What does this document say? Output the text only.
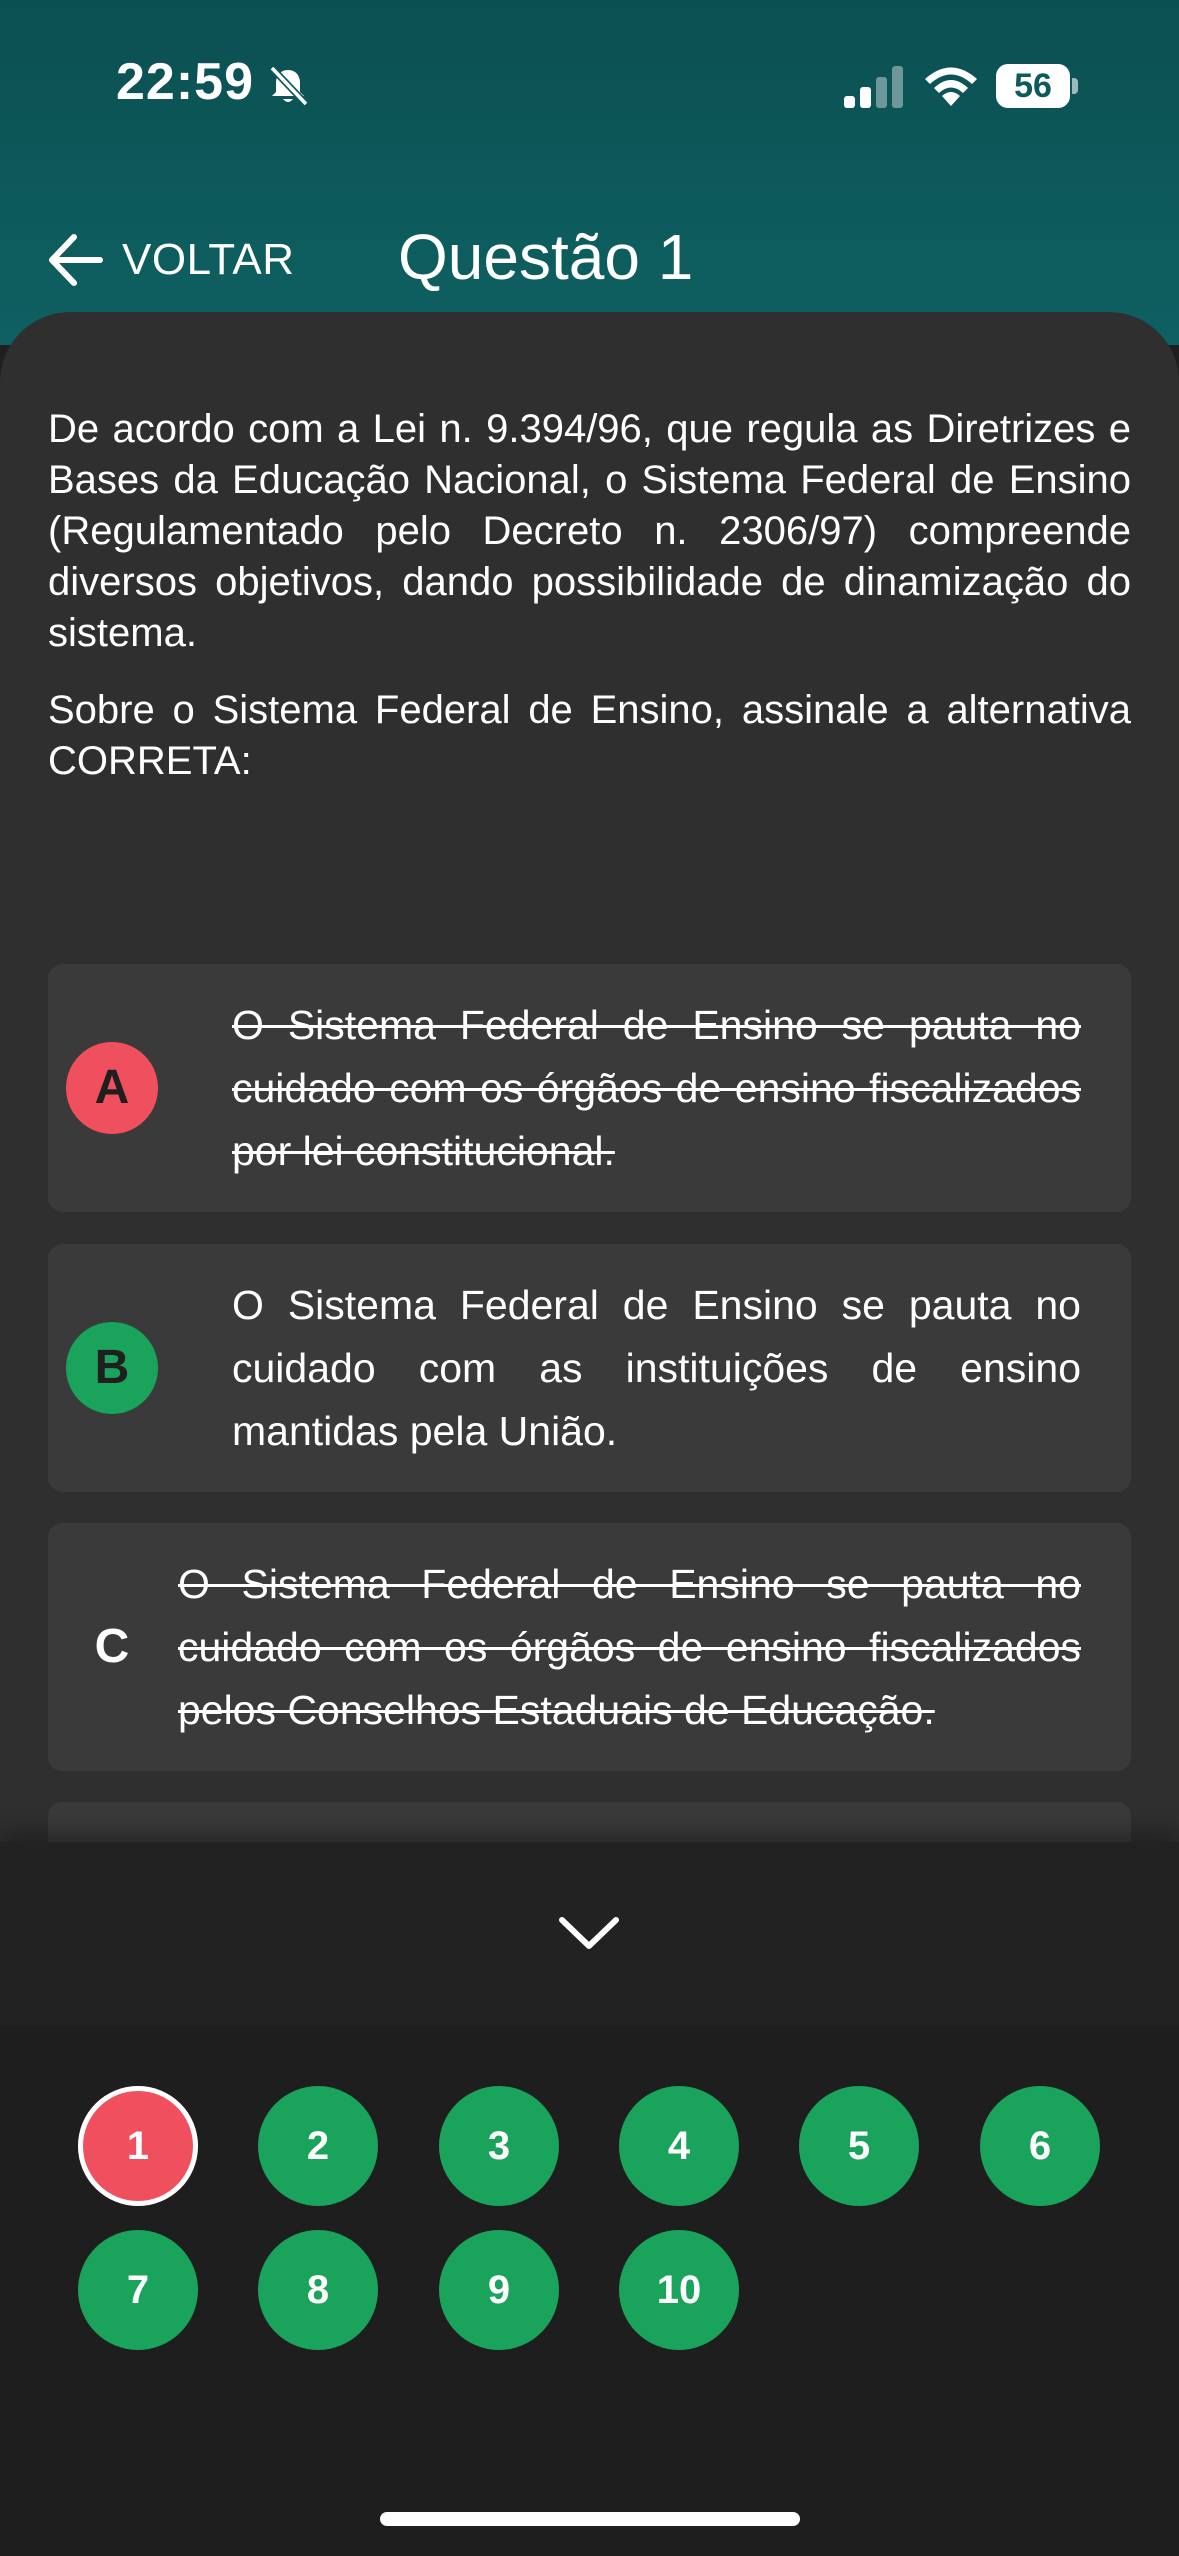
22:59	56
VOLTAR Questão 1

De acordo com a Lei n. 9.394/96, que regula as Diretrizes e Bases da Educação Nacional, o Sistema Federal de Ensino (Regulamentado pelo Decreto n. 2306/97) compreende diversos objetivos, dando possibilidade de dinamização do sistema.

Sobre o Sistema Federal de Ensino, assinale a alternativa CORRETA:

A
O Sistema Federal de Ensino se pauta no cuidado com os órgãos de ensino fiscalizados por lei constitucional.
B
O Sistema Federal de Ensino se pauta no cuidado com as instituições de ensino mantidas pela União.
C
O Sistema Federal de Ensino se pauta no cuidado com os órgãos de ensino fiscalizados pelos Conselhos Estaduais de Educação.
1	2	3	4	5	6
7	8	9	10
